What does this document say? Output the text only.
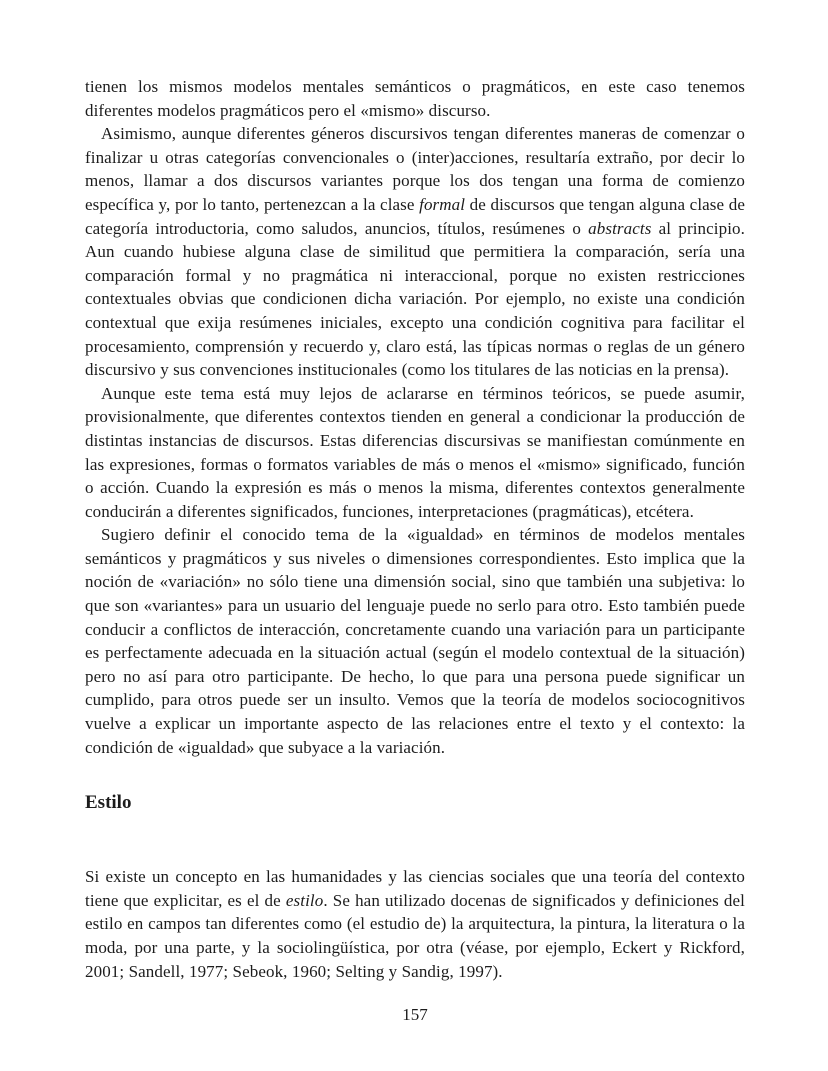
tienen los mismos modelos mentales semánticos o pragmáticos, en este caso tenemos diferentes modelos pragmáticos pero el «mismo» discurso.

Asimismo, aunque diferentes géneros discursivos tengan diferentes maneras de comenzar o finalizar u otras categorías convencionales o (inter)acciones, resultaría extraño, por decir lo menos, llamar a dos discursos variantes porque los dos tengan una forma de comienzo específica y, por lo tanto, pertenezcan a la clase formal de discursos que tengan alguna clase de categoría introductoria, como saludos, anuncios, títulos, resúmenes o abstracts al principio. Aun cuando hubiese alguna clase de similitud que permitiera la comparación, sería una comparación formal y no pragmática ni interaccional, porque no existen restricciones contextuales obvias que condicionen dicha variación. Por ejemplo, no existe una condición contextual que exija resúmenes iniciales, excepto una condición cognitiva para facilitar el procesamiento, comprensión y recuerdo y, claro está, las típicas normas o reglas de un género discursivo y sus convenciones institucionales (como los titulares de las noticias en la prensa).

Aunque este tema está muy lejos de aclararse en términos teóricos, se puede asumir, provisionalmente, que diferentes contextos tienden en general a condicionar la producción de distintas instancias de discursos. Estas diferencias discursivas se manifiestan comúnmente en las expresiones, formas o formatos variables de más o menos el «mismo» significado, función o acción. Cuando la expresión es más o menos la misma, diferentes contextos generalmente conducirán a diferentes significados, funciones, interpretaciones (pragmáticas), etcétera.

Sugiero definir el conocido tema de la «igualdad» en términos de modelos mentales semánticos y pragmáticos y sus niveles o dimensiones correspondientes. Esto implica que la noción de «variación» no sólo tiene una dimensión social, sino que también una subjetiva: lo que son «variantes» para un usuario del lenguaje puede no serlo para otro. Esto también puede conducir a conflictos de interacción, concretamente cuando una variación para un participante es perfectamente adecuada en la situación actual (según el modelo contextual de la situación) pero no así para otro participante. De hecho, lo que para una persona puede significar un cumplido, para otros puede ser un insulto. Vemos que la teoría de modelos sociocognitivos vuelve a explicar un importante aspecto de las relaciones entre el texto y el contexto: la condición de «igualdad» que subyace a la variación.

Estilo

Si existe un concepto en las humanidades y las ciencias sociales que una teoría del contexto tiene que explicitar, es el de estilo. Se han utilizado docenas de significados y definiciones del estilo en campos tan diferentes como (el estudio de) la arquitectura, la pintura, la literatura o la moda, por una parte, y la sociolingüística, por otra (véase, por ejemplo, Eckert y Rickford, 2001; Sandell, 1977; Sebeok, 1960; Selting y Sandig, 1997).

157
